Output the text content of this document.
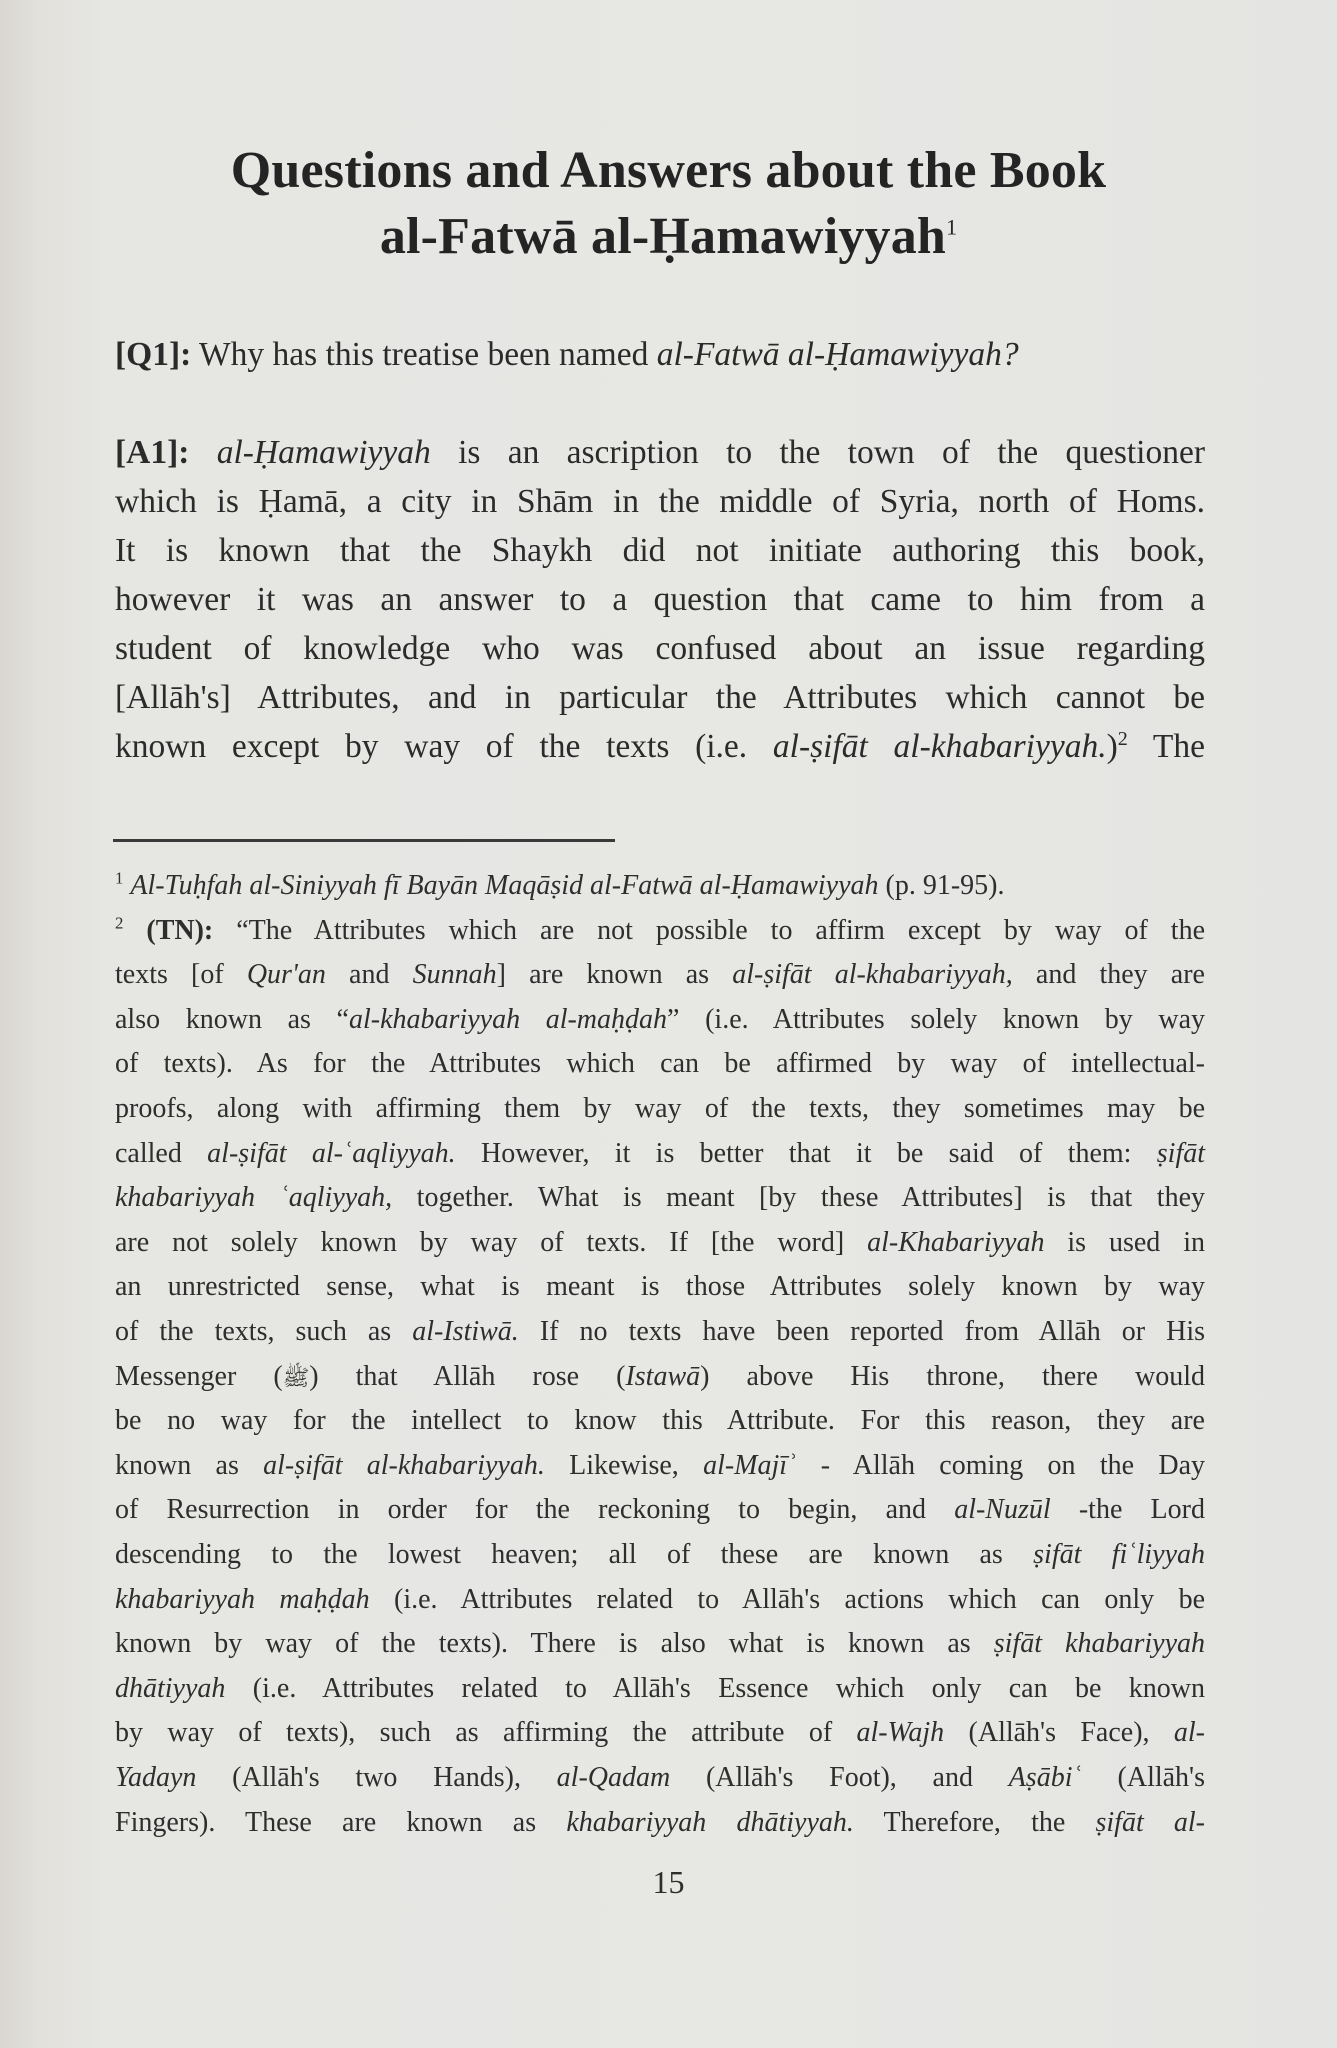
Questions and Answers about the Book
al-Fatwā al-Ḥamawiyyah$^1$
[Q1]: Why has this treatise been named al-Fatwā al-Ḥamawiyyah?
[A1]: al-Ḥamawiyyah is an ascription to the town of the questioner
which is Ḥamā, a city in Shām in the middle of Syria, north of Homs.
It is known that the Shaykh did not initiate authoring this book,
however it was an answer to a question that came to him from a
student of knowledge who was confused about an issue regarding
[Allāh's] Attributes, and in particular the Attributes which cannot be
known except by way of the texts (i.e. al-ṣifāt al-khabariyyah.)$^2$ The
$^1$ Al-Tuḥfah al-Siniyyah fī Bayān Maqāṣid al-Fatwā al-Ḥamawiyyah (p. 91-95).
$^2$ (TN): “The Attributes which are not possible to affirm except by way of the
texts [of Qur'an and Sunnah] are known as al-ṣifāt al-khabariyyah, and they are
also known as “al-khabariyyah al-maḥḍah” (i.e. Attributes solely known by way
of texts). As for the Attributes which can be affirmed by way of intellectual-
proofs, along with affirming them by way of the texts, they sometimes may be
called al-ṣifāt al-ʿaqliyyah. However, it is better that it be said of them: ṣifāt
khabariyyah ʿaqliyyah, together. What is meant [by these Attributes] is that they
are not solely known by way of texts. If [the word] al-Khabariyyah is used in
an unrestricted sense, what is meant is those Attributes solely known by way
of the texts, such as al-Istiwā. If no texts have been reported from Allāh or His
Messenger (ﷺ) that Allāh rose (Istawā) above His throne, there would
be no way for the intellect to know this Attribute. For this reason, they are
known as al-ṣifāt al-khabariyyah. Likewise, al-Majīʾ - Allāh coming on the Day
of Resurrection in order for the reckoning to begin, and al-Nuzūl -the Lord
descending to the lowest heaven; all of these are known as ṣifāt fiʿliyyah
khabariyyah maḥḍah (i.e. Attributes related to Allāh's actions which can only be
known by way of the texts). There is also what is known as ṣifāt khabariyyah
dhātiyyah (i.e. Attributes related to Allāh's Essence which only can be known
by way of texts), such as affirming the attribute of al-Wajh (Allāh's Face), al-
Yadayn (Allāh's two Hands), al-Qadam (Allāh's Foot), and Aṣābiʿ (Allāh's
Fingers). These are known as khabariyyah dhātiyyah. Therefore, the ṣifāt al-
15
